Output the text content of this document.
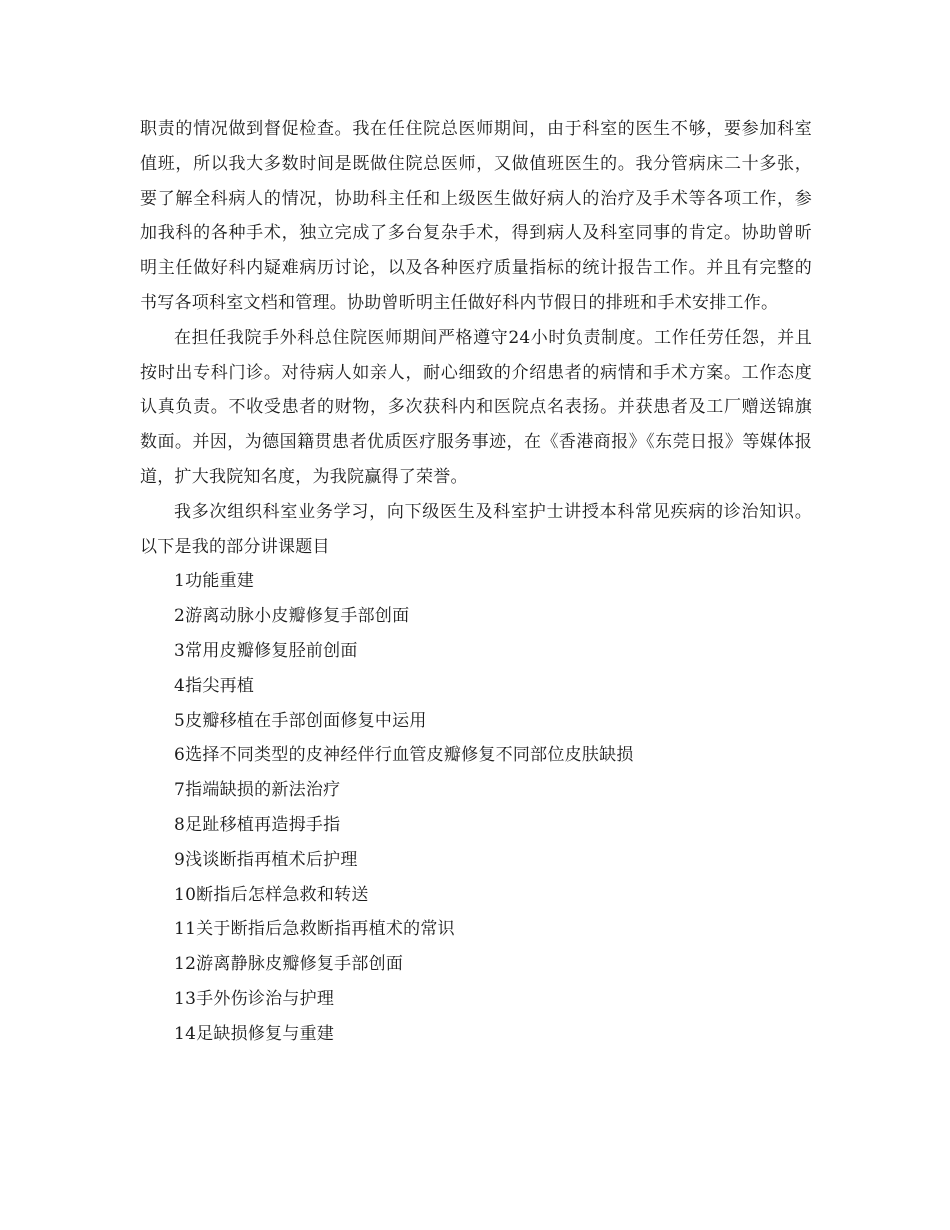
职责的情况做到督促检查。我在任住院总医师期间，由于科室的医生不够，要参加科室值班，所以我大多数时间是既做住院总医师，又做值班医生的。我分管病床二十多张，要了解全科病人的情况，协助科主任和上级医生做好病人的治疗及手术等各项工作，参加我科的各种手术，独立完成了多台复杂手术，得到病人及科室同事的肯定。协助曾昕明主任做好科内疑难病历讨论，以及各种医疗质量指标的统计报告工作。并且有完整的书写各项科室文档和管理。协助曾昕明主任做好科内节假日的排班和手术安排工作。

在担任我院手外科总住院医师期间严格遵守24小时负责制度。工作任劳任怨，并且按时出专科门诊。对待病人如亲人，耐心细致的介绍患者的病情和手术方案。工作态度认真负责。不收受患者的财物，多次获科内和医院点名表扬。并获患者及工厂赠送锦旗数面。并因，为德国籍贯患者优质医疗服务事迹，在《香港商报》《东莞日报》等媒体报道，扩大我院知名度，为我院赢得了荣誉。

我多次组织科室业务学习，向下级医生及科室护士讲授本科常见疾病的诊治知识。以下是我的部分讲课题目

1功能重建
2游离动脉小皮瓣修复手部创面
3常用皮瓣修复胫前创面
4指尖再植
5皮瓣移植在手部创面修复中运用
6选择不同类型的皮神经伴行血管皮瓣修复不同部位皮肤缺损
7指端缺损的新法治疗
8足趾移植再造拇手指
9浅谈断指再植术后护理
10断指后怎样急救和转送
11关于断指后急救断指再植术的常识
12游离静脉皮瓣修复手部创面
13手外伤诊治与护理
14足缺损修复与重建
